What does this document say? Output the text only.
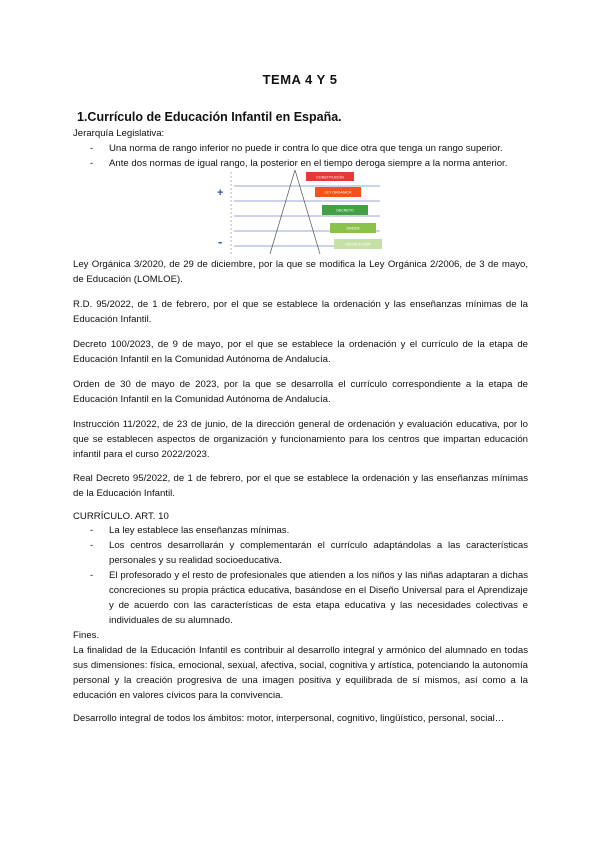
TEMA 4 Y 5
1.Currículo de Educación Infantil en España.
Jerarquía Legislativa:
- Una norma de rango inferior no puede ir contra lo que dice otra que tenga un rango superior.
- Ante dos normas de igual rango, la posterior en el tiempo deroga siempre a la norma anterior.
+
-
CONSTITUCIÓN
LEY ORGÁNICA
DECRETO
ORDEN
INSTRUCCIÓN
Ley Orgánica 3/2020, de 29 de diciembre, por la que se modifica la Ley Orgánica 2/2006, de 3 de mayo, de Educación (LOMLOE).
R.D. 95/2022, de 1 de febrero, por el que se establece la ordenación y las enseñanzas mínimas de la Educación Infantil.
Decreto 100/2023, de 9 de mayo, por el que se establece la ordenación y el currículo de la etapa de Educación Infantil en la Comunidad Autónoma de Andalucía.
Orden de 30 de mayo de 2023, por la que se desarrolla el currículo correspondiente a la etapa de Educación Infantil en la Comunidad Autónoma de Andalucía.
Instrucción 11/2022, de 23 de junio, de la dirección general de ordenación y evaluación educativa, por lo que se establecen aspectos de organización y funcionamiento para los centros que impartan educación infantil para el curso 2022/2023.
Real Decreto 95/2022, de 1 de febrero, por el que se establece la ordenación y las enseñanzas mínimas de la Educación Infantil.
CURRÍCULO. ART. 10
- La ley establece las enseñanzas mínimas.
- Los centros desarrollarán y complementarán el currículo adaptándolas a las características personales y su realidad socioeducativa.
- El profesorado y el resto de profesionales que atienden a los niños y las niñas adaptaran a dichas concreciones su propia práctica educativa, basándose en el Diseño Universal para el Aprendizaje y de acuerdo con las características de esta etapa educativa y las necesidades colectivas e individuales de su alumnado.
Fines.
La finalidad de la Educación Infantil es contribuir al desarrollo integral y armónico del alumnado en todas sus dimensiones: física, emocional, sexual, afectiva, social, cognitiva y artística, potenciando la autonomía personal y la creación progresiva de una imagen positiva y equilibrada de sí mismos, así como a la educación en valores cívicos para la convivencia.
Desarrollo integral de todos los ámbitos: motor, interpersonal, cognitivo, lingüístico, personal, social…
